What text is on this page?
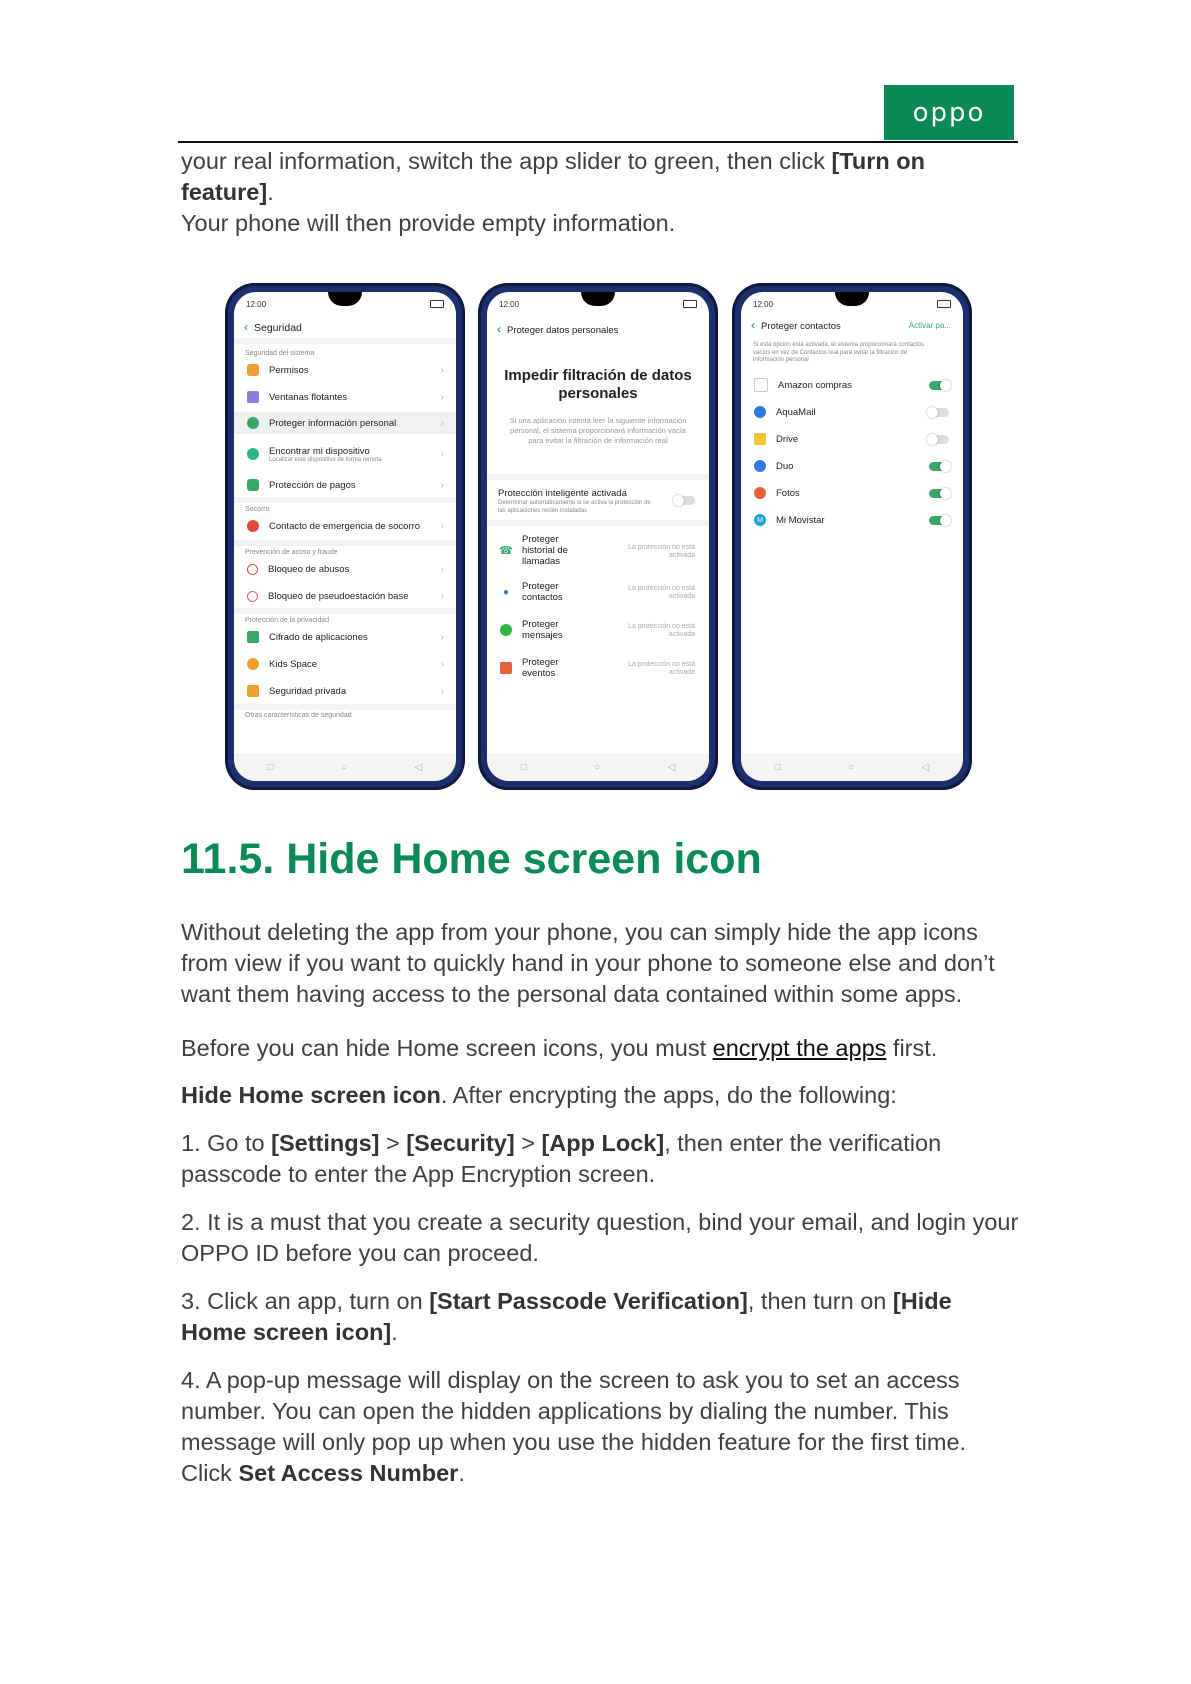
oppo
your real information, switch the app slider to green, then click [Turn on feature].
Your phone will then provide empty information.
12:00
‹ Seguridad
Seguridad del sistema
Permisos	›
Ventanas flotantes	›
Proteger información personal	›
Encontrar mi dispositivo
Localizar este dispositivo de forma remota	›
Protección de pagos	›
Socorro
Contacto de emergencia de socorro	›
Prevención de acoso y fraude
Bloqueo de abusos	›
Bloqueo de pseudoestación base	›
Protección de la privacidad
Cifrado de aplicaciones	›
Kids Space	›
Seguridad privada	›
Otras características de seguridad
□	○	◁
12:00
‹ Proteger datos personales
Impedir filtración de datos personales
Si una aplicación intenta leer la siguiente información personal, el sistema proporcionará información vacía para evitar la filtración de información real
Protección inteligente activada
Determinar automáticamente si se activa la protección de las aplicaciones recién instaladas
☎
Proteger historial de llamadas
La protección no está activada
●	Proteger contactos
La protección no está activada
Proteger mensajes
La protección no está activada
Proteger eventos
La protección no está activada
□	○	◁
12:00
‹ Proteger contactos	Activar pa...
Si esta opción está activada, el sistema proporcionará contactos vacíos en vez de Contactos real para evitar la filtración de información personal
Amazon compras
AquaMail
Drive
Duo
Fotos
M	Mi Movistar
□	○	◁
11.5. Hide Home screen icon
Without deleting the app from your phone, you can simply hide the app icons from view if you want to quickly hand in your phone to someone else and don’t want them having access to the personal data contained within some apps.
Before you can hide Home screen icons, you must encrypt the apps first.
Hide Home screen icon. After encrypting the apps, do the following:
1. Go to [Settings] > [Security] > [App Lock], then enter the verification passcode to enter the App Encryption screen.
2. It is a must that you create a security question, bind your email, and login your OPPO ID before you can proceed.
3. Click an app, turn on [Start Passcode Verification], then turn on [Hide Home screen icon].
4. A pop-up message will display on the screen to ask you to set an access number. You can open the hidden applications by dialing the number. This message will only pop up when you use the hidden feature for the first time. Click Set Access Number.
